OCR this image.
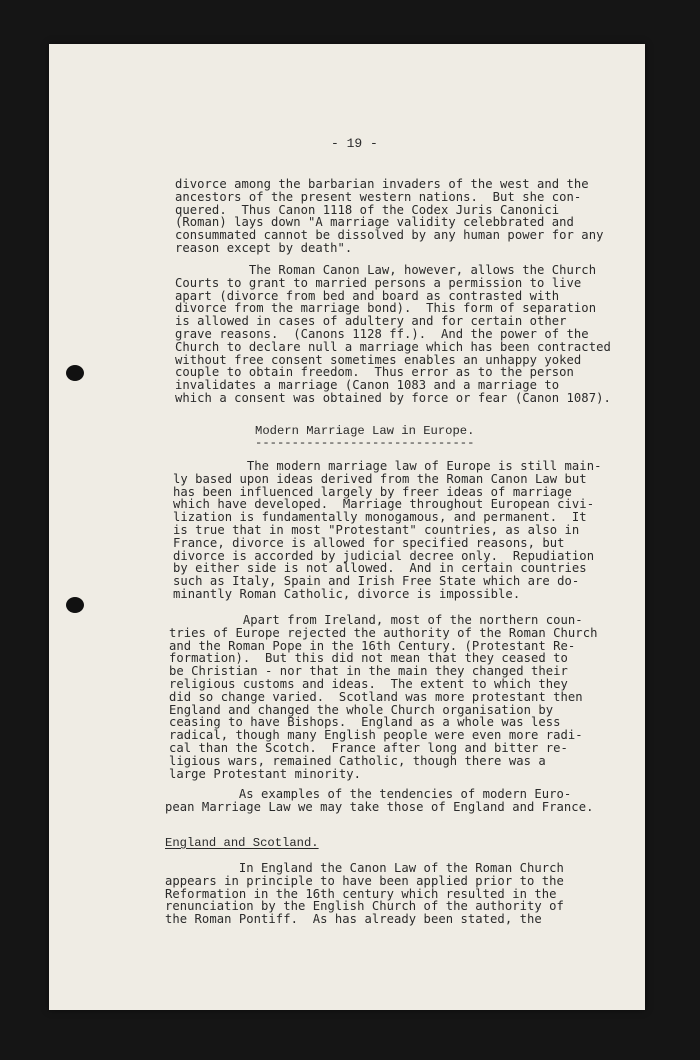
- 19 -
divorce among the barbarian invaders of the west and the
ancestors of the present western nations.  But she con-
quered.  Thus Canon 1118 of the Codex Juris Canonici
(Roman) lays down "A marriage validity celebbrated and
consummated cannot be dissolved by any human power for any
reason except by death".
The Roman Canon Law, however, allows the Church
Courts to grant to married persons a permission to live
apart (divorce from bed and board as contrasted with
divorce from the marriage bond).  This form of separation
is allowed in cases of adultery and for certain other
grave reasons.  (Canons 1128 ff.).  And the power of the
Church to declare null a marriage which has been contracted
without free consent sometimes enables an unhappy yoked
couple to obtain freedom.  Thus error as to the person
invalidates a marriage (Canon 1083 and a marriage to
which a consent was obtained by force or fear (Canon 1087).
Modern Marriage Law in Europe.
------------------------------
The modern marriage law of Europe is still main-
ly based upon ideas derived from the Roman Canon Law but
has been influenced largely by freer ideas of marriage
which have developed.  Marriage throughout European civi-
lization is fundamentally monogamous, and permanent.  It
is true that in most "Protestant" countries, as also in
France, divorce is allowed for specified reasons, but
divorce is accorded by judicial decree only.  Repudiation
by either side is not allowed.  And in certain countries
such as Italy, Spain and Irish Free State which are do-
minantly Roman Catholic, divorce is impossible.
Apart from Ireland, most of the northern coun-
tries of Europe rejected the authority of the Roman Church
and the Roman Pope in the 16th Century. (Protestant Re-
formation).  But this did not mean that they ceased to
be Christian - nor that in the main they changed their
religious customs and ideas.  The extent to which they
did so change varied.  Scotland was more protestant then
England and changed the whole Church organisation by
ceasing to have Bishops.  England as a whole was less
radical, though many English people were even more radi-
cal than the Scotch.  France after long and bitter re-
ligious wars, remained Catholic, though there was a
large Protestant minority.
As examples of the tendencies of modern Euro-
pean Marriage Law we may take those of England and France.
England and Scotland.
In England the Canon Law of the Roman Church
appears in principle to have been applied prior to the
Reformation in the 16th century which resulted in the
renunciation by the English Church of the authority of
the Roman Pontiff.  As has already been stated, the
